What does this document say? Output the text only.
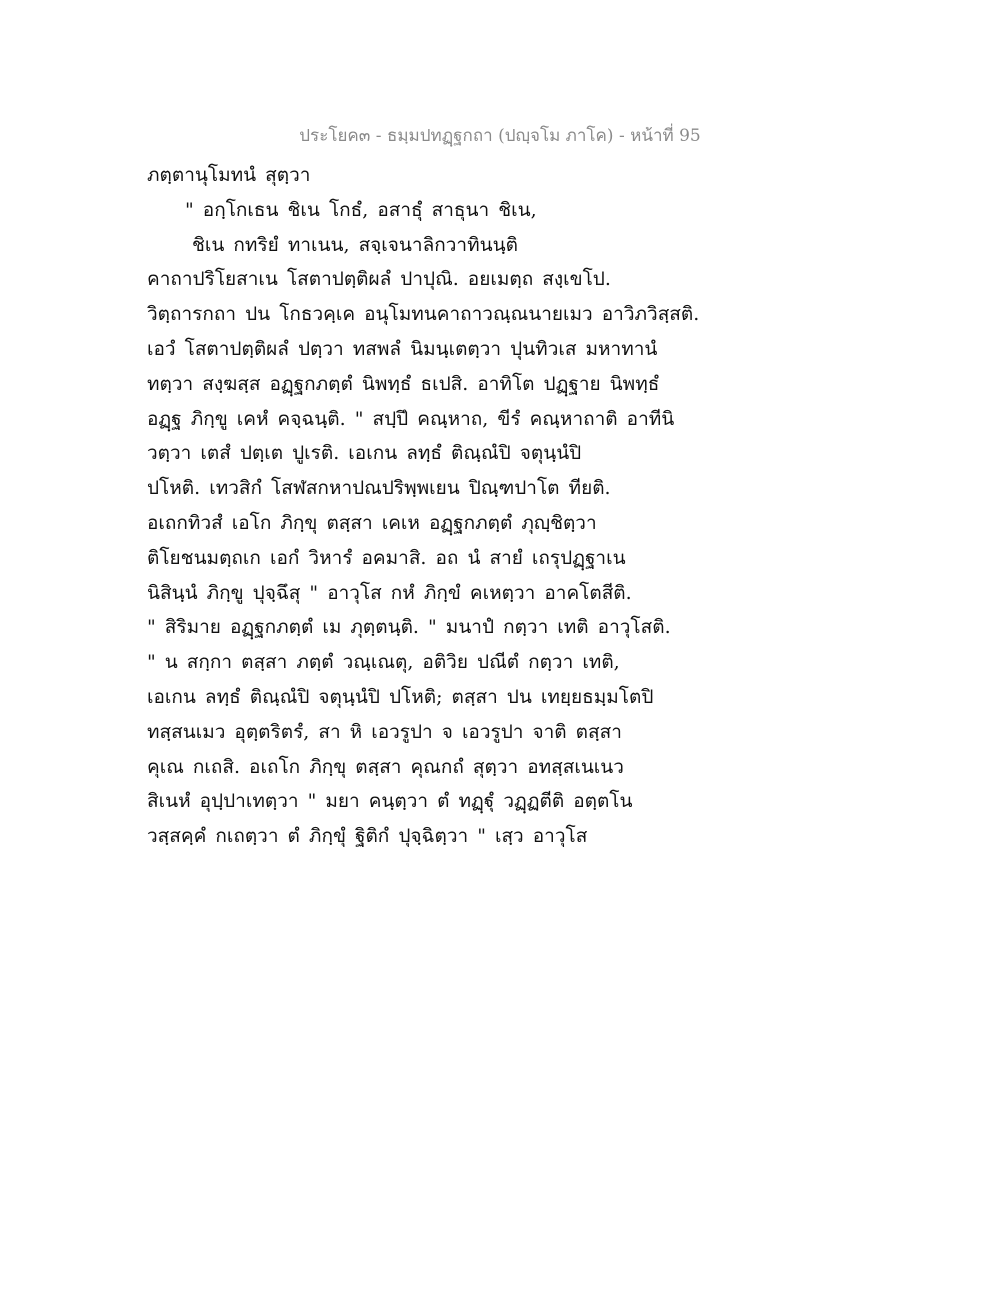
ประโยค๓ - ธมฺมปทฏฺฐกถา (ปญฺจโม ภาโค) - หน้าที่ 95
ภตฺตานุโมทนํ สุตฺวา
" อกฺโกเธน ชิเน โกธํ, อสาธุํ สาธุนา ชิเน,
ชิเน กทริยํ ทาเนน, สจฺเจนาลิกวาทินนฺติ
คาถาปริโยสาเน โสตาปตฺติผลํ ปาปุณิ. อยเมตฺถ สงฺเขโป.
วิตฺถารกถา ปน โกธวคฺเค อนุโมทนคาถาวณฺณนายเมว อาวิภวิสฺสติ.
เอวํ โสตาปตฺติผลํ ปตฺวา ทสพลํ นิมนฺเตตฺวา ปุนทิวเส มหาทานํ
ทตฺวา สงฺฆสฺส อฏฺฐกภตฺตํ นิพทฺธํ ธเปสิ. อาทิโต ปฏฺฐาย นิพทฺธํ
อฏฺฐ ภิกฺขู เคหํ คจฺฉนฺติ. " สปฺปึ คณฺหาถ, ขีรํ คณฺหาถาติ อาทีนิ
วตฺวา เตสํ ปตฺเต ปูเรติ. เอเกน ลทฺธํ ติณฺณํปิ จตุนฺนํปิ
ปโหติ. เทวสิกํ โสฬสกหาปณปริพฺพเยน ปิณฺฑปาโต ทียติ.
อเถกทิวสํ เอโก ภิกฺขุ ตสฺสา เคเห อฏฺฐกภตฺตํ ภุญฺชิตฺวา
ติโยชนมตฺถเก เอกํ วิหารํ อคมาสิ. อถ นํ สายํ เถรุปฏฺฐาเน
นิสินฺนํ ภิกฺขู ปุจฺฉึสุ " อาวุโส กหํ ภิกฺขํ คเหตฺวา อาคโตสีติ.
" สิริมาย อฏฺฐกภตฺตํ เม ภุตฺตนฺติ. " มนาปํ กตฺวา เทติ อาวุโสติ.
" น สกฺกา ตสฺสา ภตฺตํ วณฺเณตุ, อติวิย ปณีตํ กตฺวา เทติ,
เอเกน ลทฺธํ ติณฺณํปิ จตุนฺนํปิ ปโหติ; ตสฺสา ปน เทยฺยธมฺมโตปิ
ทสฺสนเมว อุตฺตริตรํ, สา หิ เอวรูปา จ เอวรูปา จาติ ตสฺสา
คุเณ กเถสิ. อเถโก ภิกฺขุ ตสฺสา คุณกถํ สุตฺวา อทสฺสเนเนว
สิเนหํ อุปฺปาเทตฺวา " มยา คนฺตฺวา ตํ ทฏฺฐุํ วฏฺฏตีติ อตฺตโน
วสฺสคฺคํ กเถตฺวา ตํ ภิกฺขุํ ฐิติกํ ปุจฺฉิตฺวา " เสฺว อาวุโส
